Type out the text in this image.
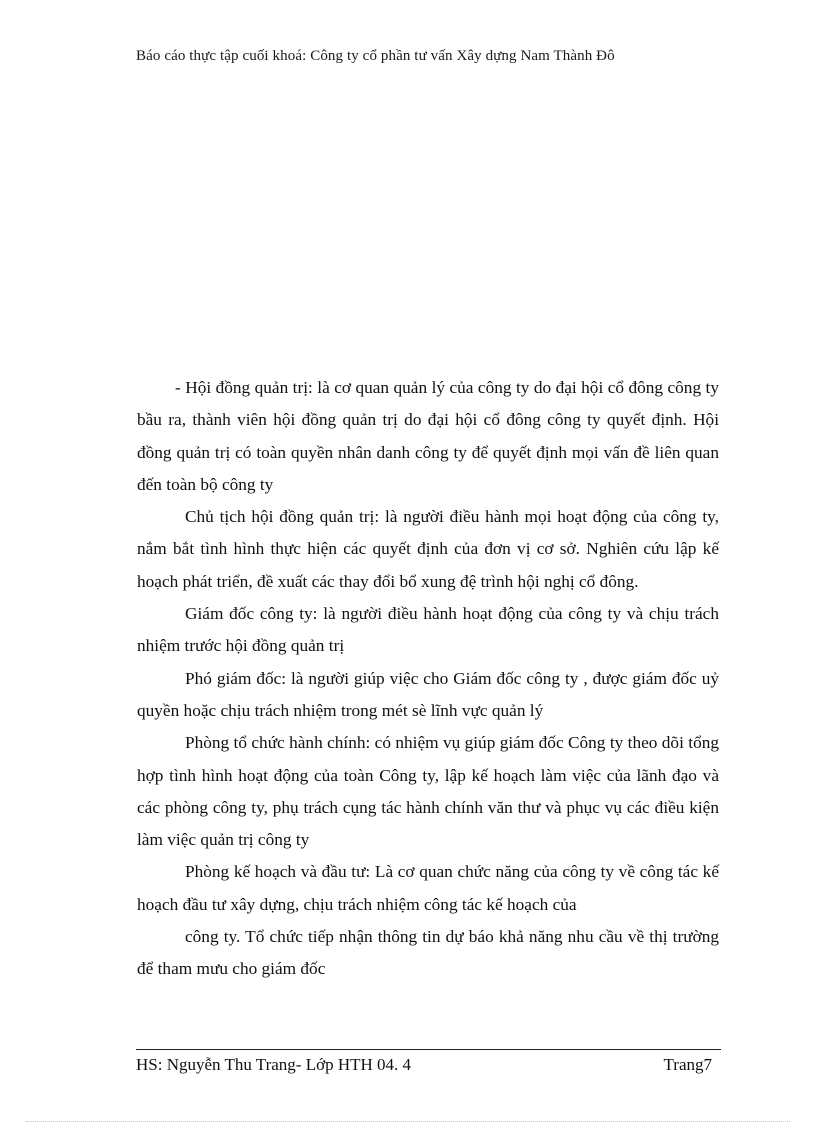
Báo cáo thực tập cuối khoá: Công ty cổ phần tư vấn Xây dựng Nam Thành Đô

- Hội đồng quản trị: là cơ quan quản lý của công ty do đại hội cổ đông công ty bầu ra, thành viên hội đồng quản trị do đại hội cổ đông công ty quyết định. Hội đồng quản trị có toàn quyền nhân danh công ty để quyết định mọi vấn đề liên quan đến toàn bộ công ty

Chủ tịch hội đồng quản trị: là người điều hành mọi hoạt động của công ty, nắm bắt tình hình thực hiện các quyết định của đơn vị cơ sở. Nghiên cứu lập kế hoạch phát triển, đề xuất các thay đổi bổ xung đệ trình hội nghị cổ đông.

Giám đốc công ty: là người điều hành hoạt động của công ty và chịu trách nhiệm trước hội đồng quản trị

Phó giám đốc: là người giúp việc cho Giám đốc công ty , được giám đốc uỷ quyền hoặc chịu trách nhiệm trong mét sè lĩnh vực quản lý

Phòng tổ chức hành chính: có nhiệm vụ giúp giám đốc Công ty theo dõi tổng hợp tình hình hoạt động của toàn Công ty, lập kế hoạch làm việc của lãnh đạo và các phòng công ty, phụ trách cụng tác hành chính văn thư và phục vụ các điều kiện làm việc quản trị công ty

Phòng kế hoạch và đầu tư: Là cơ quan chức năng của công ty về công tác kế hoạch đầu tư xây dựng, chịu trách nhiệm công tác kế hoạch của

công ty. Tổ chức tiếp nhận thông tin dự báo khả năng nhu cầu về thị trường để tham mưu cho giám đốc

HS: Nguyễn Thu Trang- Lớp HTH 04. 4	Trang7
